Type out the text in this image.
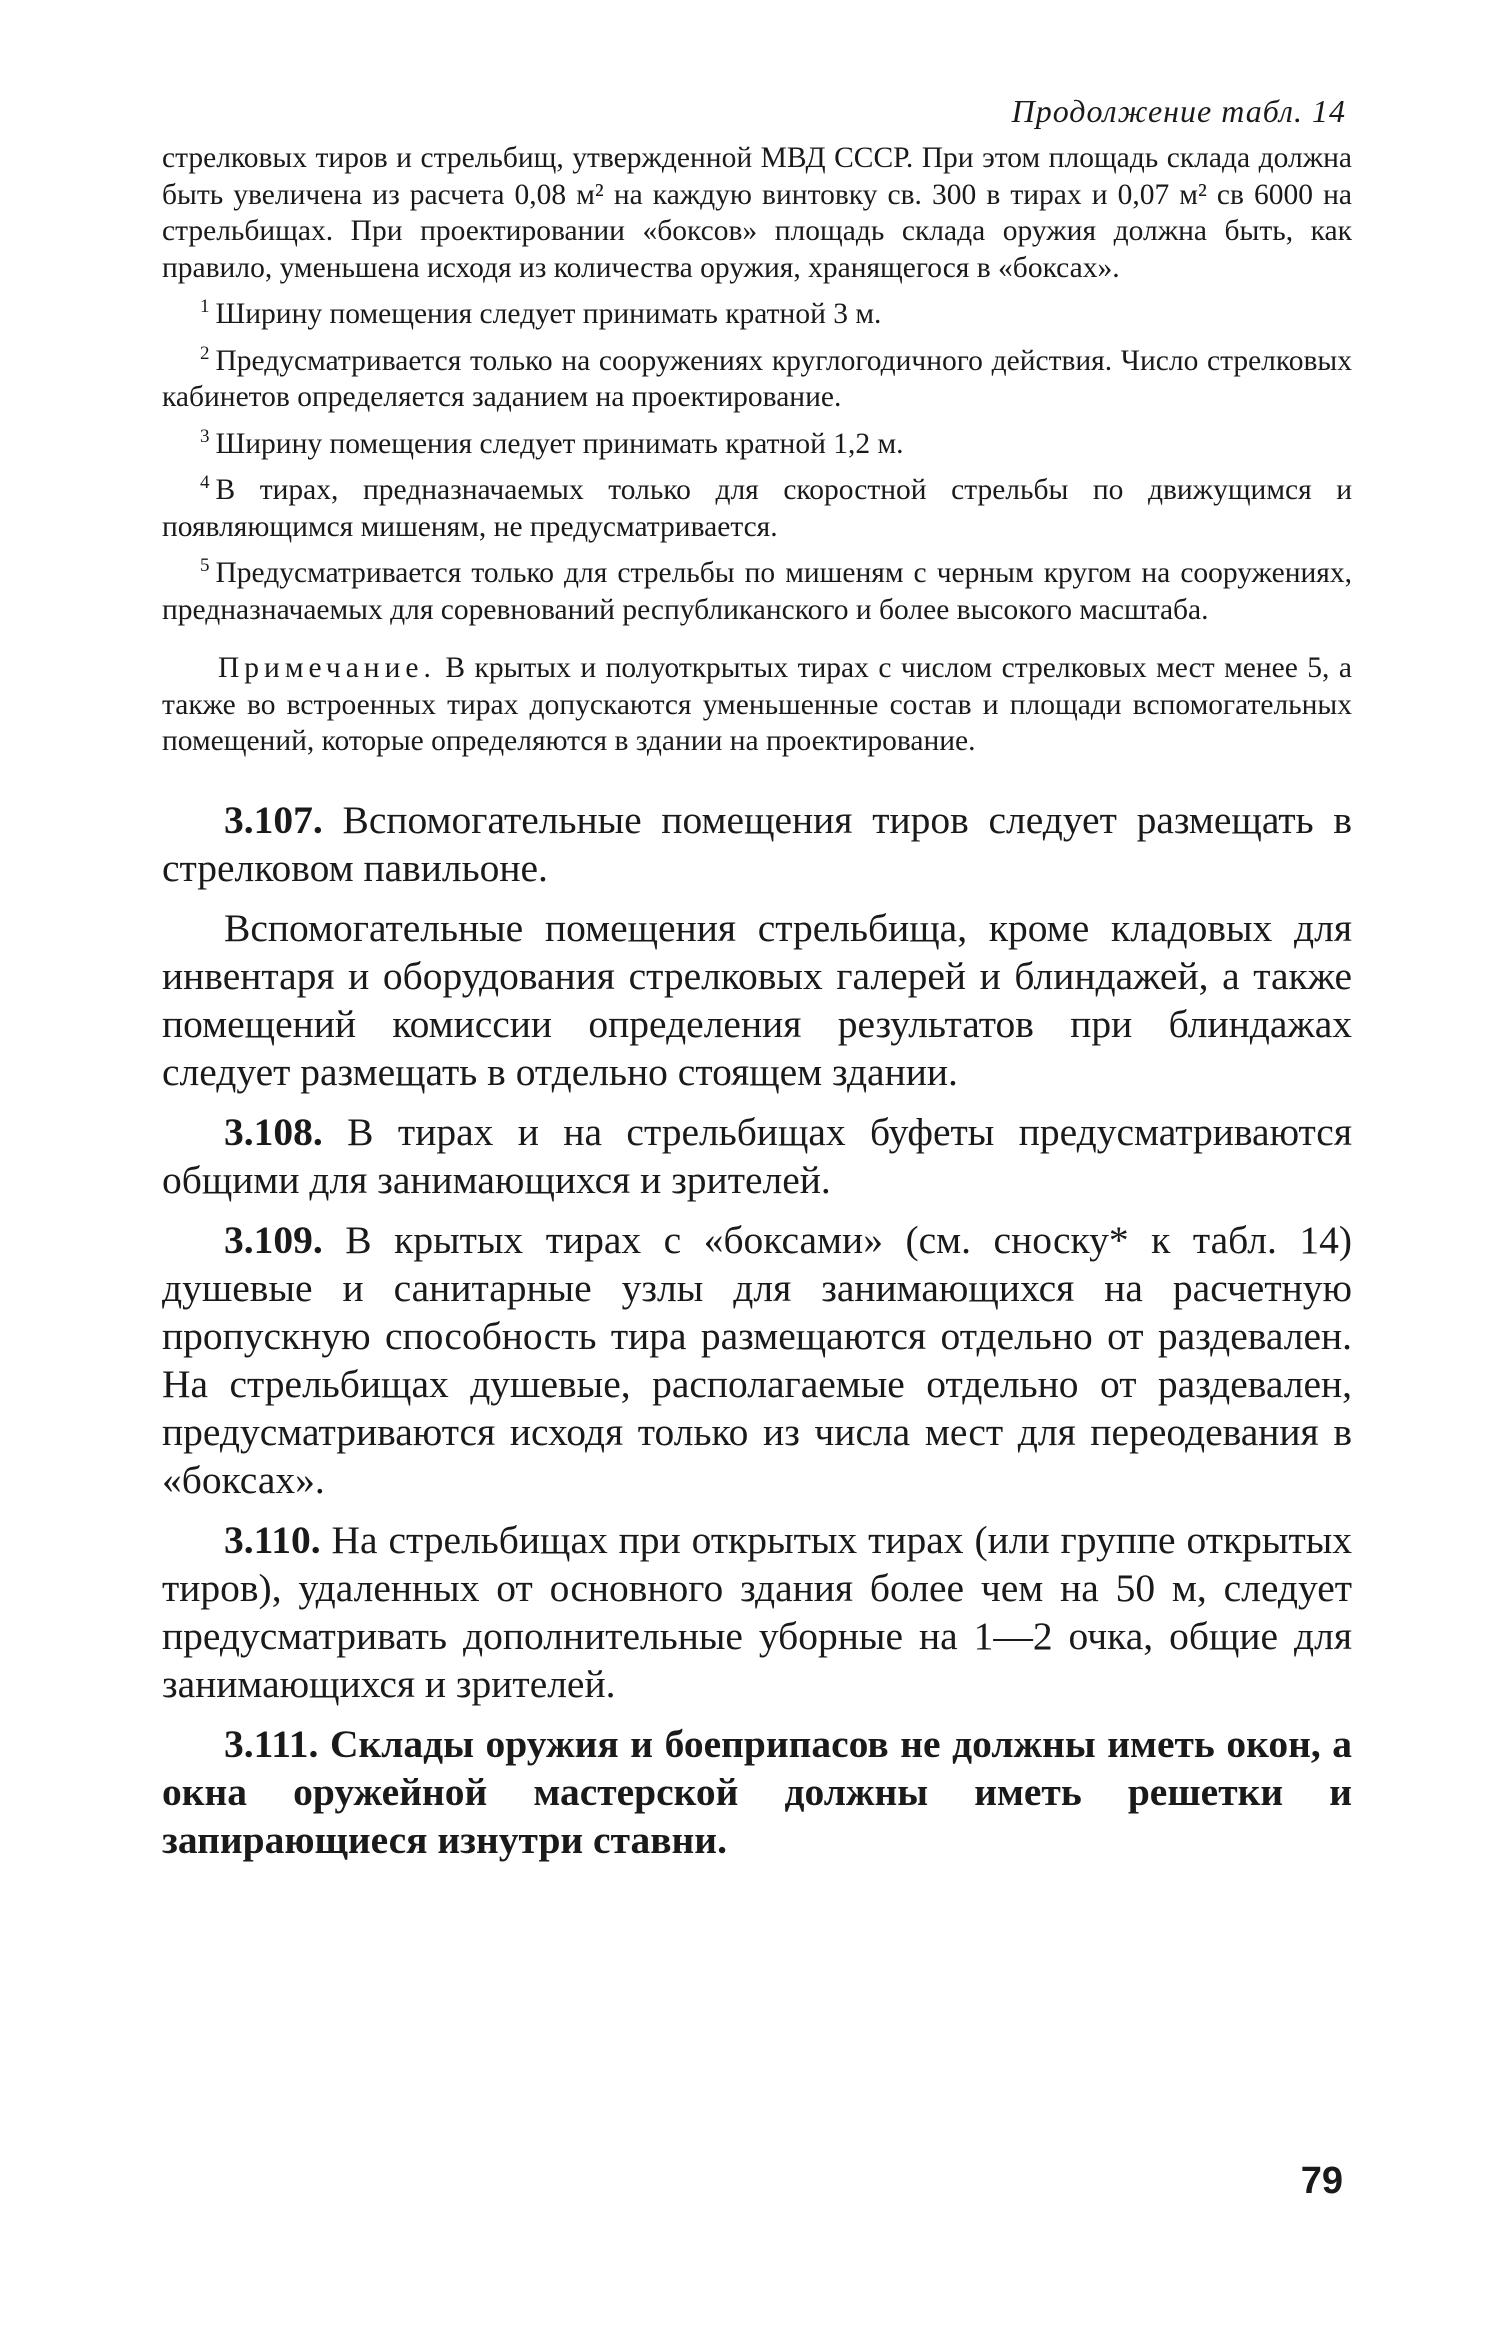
Продолжение табл. 14

стрелковых тиров и стрельбищ, утвержденной МВД СССР. При этом площадь склада должна быть увеличена из расчета 0,08 м² на каждую винтовку св. 300 в тирах и 0,07 м² св 6000 на стрельбищах. При проектировании «боксов» площадь склада оружия должна быть, как правило, уменьшена исходя из количества оружия, хранящегося в «боксах».

$^1$ Ширину помещения следует принимать кратной 3 м.

$^2$ Предусматривается только на сооружениях круглогодичного действия. Число стрелковых кабинетов определяется заданием на проектирование.

$^3$ Ширину помещения следует принимать кратной 1,2 м.

$^4$ В тирах, предназначаемых только для скоростной стрельбы по движущимся и появляющимся мишеням, не предусматривается.

$^5$ Предусматривается только для стрельбы по мишеням с черным кругом на сооружениях, предназначаемых для соревнований республиканского и более высокого масштаба.

Примечание. В крытых и полуоткрытых тирах с числом стрелковых мест менее 5, а также во встроенных тирах допускаются уменьшенные состав и площади вспомогательных помещений, которые определяются в здании на проектирование.

3.107. Вспомогательные помещения тиров следует размещать в стрелковом павильоне.

Вспомогательные помещения стрельбища, кроме кладовых для инвентаря и оборудования стрелковых галерей и блиндажей, а также помещений комиссии определения результатов при блиндажах следует размещать в отдельно стоящем здании.

3.108. В тирах и на стрельбищах буфеты предусматриваются общими для занимающихся и зрителей.

3.109. В крытых тирах с «боксами» (см. сноску* к табл. 14) душевые и санитарные узлы для занимающихся на расчетную пропускную способность тира размещаются отдельно от раздевален. На стрельбищах душевые, располагаемые отдельно от раздевален, предусматриваются исходя только из числа мест для переодевания в «боксах».

3.110. На стрельбищах при открытых тирах (или группе открытых тиров), удаленных от основного здания более чем на 50 м, следует предусматривать дополнительные уборные на 1—2 очка, общие для занимающихся и зрителей.

3.111. Склады оружия и боеприпасов не должны иметь окон, а окна оружейной мастерской должны иметь решетки и запирающиеся изнутри ставни.

79
